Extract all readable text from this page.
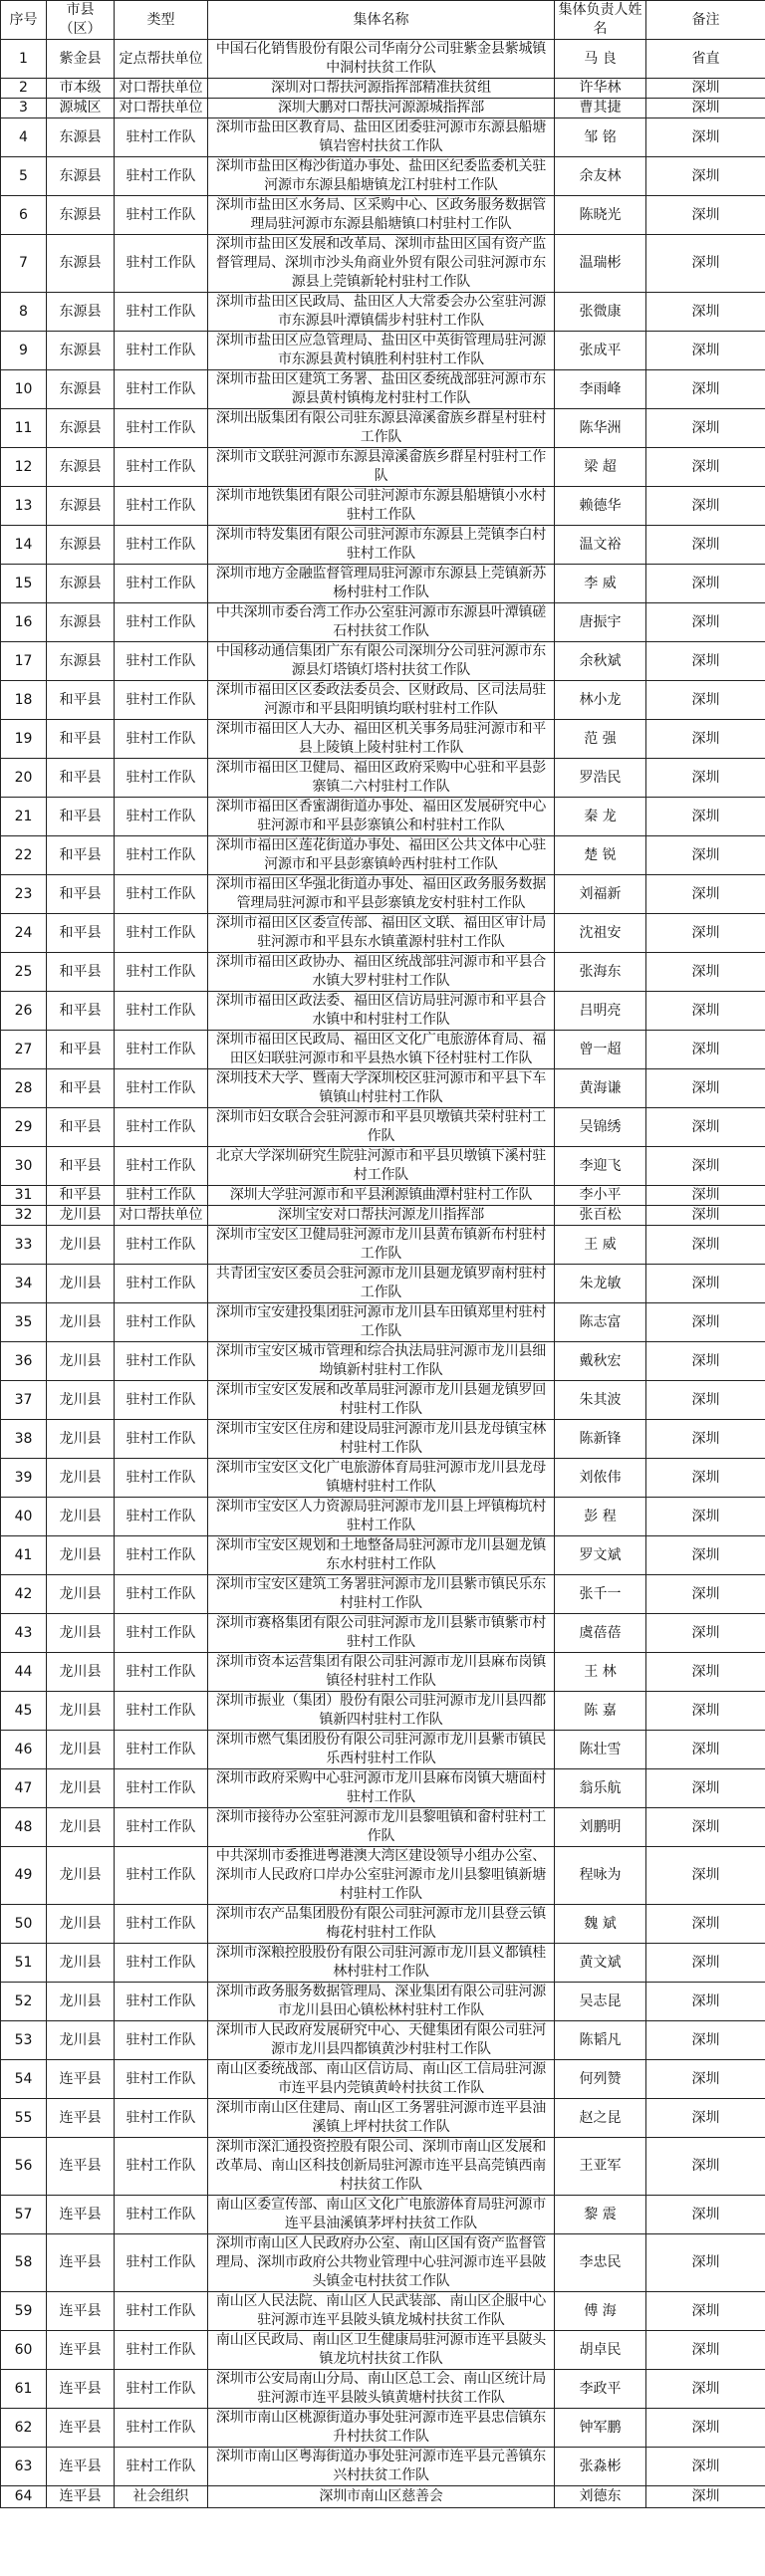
序号	市县（区）	类型	集体名称	集体负责人姓名	备注
1	紫金县	定点帮扶单位	中国石化销售股份有限公司华南分公司驻紫金县紫城镇中洞村扶贫工作队	马 良	省直
2	市本级	对口帮扶单位	深圳对口帮扶河源指挥部精准扶贫组	许华林	深圳
3	源城区	对口帮扶单位	深圳大鹏对口帮扶河源源城指挥部	曹其捷	深圳
4	东源县	驻村工作队	深圳市盐田区教育局、盐田区团委驻河源市东源县船塘镇岩窖村扶贫工作队	邹 铭	深圳
5	东源县	驻村工作队	深圳市盐田区梅沙街道办事处、盐田区纪委监委机关驻河源市东源县船塘镇龙江村驻村工作队	余友林	深圳
6	东源县	驻村工作队	深圳市盐田区水务局、区采购中心、区政务服务数据管理局驻河源市东源县船塘镇口村驻村工作队	陈晓光	深圳
7	东源县	驻村工作队	深圳市盐田区发展和改革局、深圳市盐田区国有资产监督管理局、深圳市沙头角商业外贸有限公司驻河源市东源县上莞镇新轮村驻村工作队	温瑞彬	深圳
8	东源县	驻村工作队	深圳市盐田区民政局、盐田区人大常委会办公室驻河源市东源县叶潭镇儒步村驻村工作队	张微康	深圳
9	东源县	驻村工作队	深圳市盐田区应急管理局、盐田区中英街管理局驻河源市东源县黄村镇胜利村驻村工作队	张成平	深圳
10	东源县	驻村工作队	深圳市盐田区建筑工务署、盐田区委统战部驻河源市东源县黄村镇梅龙村驻村工作队	李雨峰	深圳
11	东源县	驻村工作队	深圳出版集团有限公司驻东源县漳溪畲族乡群星村驻村工作队	陈华洲	深圳
12	东源县	驻村工作队	深圳市文联驻河源市东源县漳溪畲族乡群星村驻村工作队	梁 超	深圳
13	东源县	驻村工作队	深圳市地铁集团有限公司驻河源市东源县船塘镇小水村驻村工作队	赖德华	深圳
14	东源县	驻村工作队	深圳市特发集团有限公司驻河源市东源县上莞镇李白村驻村工作队	温文裕	深圳
15	东源县	驻村工作队	深圳市地方金融监督管理局驻河源市东源县上莞镇新苏杨村驻村工作队	李 威	深圳
16	东源县	驻村工作队	中共深圳市委台湾工作办公室驻河源市东源县叶潭镇磋石村扶贫工作队	唐振宇	深圳
17	东源县	驻村工作队	中国移动通信集团广东有限公司深圳分公司驻河源市东源县灯塔镇灯塔村扶贫工作队	余秋斌	深圳
18	和平县	驻村工作队	深圳市福田区区委政法委员会、区财政局、区司法局驻河源市和平县阳明镇均联村驻村工作队	林小龙	深圳
19	和平县	驻村工作队	深圳市福田区人大办、福田区机关事务局驻河源市和平县上陵镇上陵村驻村工作队	范 强	深圳
20	和平县	驻村工作队	深圳市福田区卫健局、福田区政府采购中心驻和平县彭寨镇二六村驻村工作队	罗浩民	深圳
21	和平县	驻村工作队	深圳市福田区香蜜湖街道办事处、福田区发展研究中心驻河源市和平县彭寨镇公和村驻村工作队	秦 龙	深圳
22	和平县	驻村工作队	深圳市福田区莲花街道办事处、福田区公共文体中心驻河源市和平县彭寨镇岭西村驻村工作队	楚 锐	深圳
23	和平县	驻村工作队	深圳市福田区华强北街道办事处、福田区政务服务数据管理局驻河源市和平县彭寨镇龙安村驻村工作队	刘福新	深圳
24	和平县	驻村工作队	深圳市福田区区委宣传部、福田区文联、福田区审计局驻河源市和平县东水镇董源村驻村工作队	沈祖安	深圳
25	和平县	驻村工作队	深圳市福田区政协办、福田区统战部驻河源市和平县合水镇大罗村驻村工作队	张海东	深圳
26	和平县	驻村工作队	深圳市福田区政法委、福田区信访局驻河源市和平县合水镇中和村驻村工作队	吕明亮	深圳
27	和平县	驻村工作队	深圳市福田区民政局、福田区文化广电旅游体育局、福田区妇联驻河源市和平县热水镇下径村驻村工作队	曾一超	深圳
28	和平县	驻村工作队	深圳技术大学、暨南大学深圳校区驻河源市和平县下车镇镇山村驻村工作队	黄海谦	深圳
29	和平县	驻村工作队	深圳市妇女联合会驻河源市和平县贝墩镇共荣村驻村工作队	吴锦绣	深圳
30	和平县	驻村工作队	北京大学深圳研究生院驻河源市和平县贝墩镇下溪村驻村工作队	李迎飞	深圳
31	和平县	驻村工作队	深圳大学驻河源市和平县浰源镇曲潭村驻村工作队	李小平	深圳
32	龙川县	对口帮扶单位	深圳宝安对口帮扶河源龙川指挥部	张百松	深圳
33	龙川县	驻村工作队	深圳市宝安区卫健局驻河源市龙川县黄布镇新布村驻村工作队	王 威	深圳
34	龙川县	驻村工作队	共青团宝安区委员会驻河源市龙川县廻龙镇罗南村驻村工作队	朱龙敏	深圳
35	龙川县	驻村工作队	深圳市宝安建投集团驻河源市龙川县车田镇郑里村驻村工作队	陈志富	深圳
36	龙川县	驻村工作队	深圳市宝安区城市管理和综合执法局驻河源市龙川县细坳镇新村驻村工作队	戴秋宏	深圳
37	龙川县	驻村工作队	深圳市宝安区发展和改革局驻河源市龙川县廻龙镇罗回村驻村工作队	朱其波	深圳
38	龙川县	驻村工作队	深圳市宝安区住房和建设局驻河源市龙川县龙母镇宝林村驻村工作队	陈新锋	深圳
39	龙川县	驻村工作队	深圳市宝安区文化广电旅游体育局驻河源市龙川县龙母镇塘村驻村工作队	刘侬伟	深圳
40	龙川县	驻村工作队	深圳市宝安区人力资源局驻河源市龙川县上坪镇梅坑村驻村工作队	彭 程	深圳
41	龙川县	驻村工作队	深圳市宝安区规划和土地整备局驻河源市龙川县廻龙镇东水村驻村工作队	罗文斌	深圳
42	龙川县	驻村工作队	深圳市宝安区建筑工务署驻河源市龙川县紫市镇民乐东村驻村工作队	张千一	深圳
43	龙川县	驻村工作队	深圳市赛格集团有限公司驻河源市龙川县紫市镇紫市村驻村工作队	虞蓓蓓	深圳
44	龙川县	驻村工作队	深圳市资本运营集团有限公司驻河源市龙川县麻布岗镇镇径村驻村工作队	王 林	深圳
45	龙川县	驻村工作队	深圳市振业（集团）股份有限公司驻河源市龙川县四都镇新四村驻村工作队	陈 嘉	深圳
46	龙川县	驻村工作队	深圳市燃气集团股份有限公司驻河源市龙川县紫市镇民乐西村驻村工作队	陈壮雪	深圳
47	龙川县	驻村工作队	深圳市政府采购中心驻河源市龙川县麻布岗镇大塘面村驻村工作队	翁乐航	深圳
48	龙川县	驻村工作队	深圳市接待办公室驻河源市龙川县黎咀镇和畲村驻村工作队	刘鹏明	深圳
49	龙川县	驻村工作队	中共深圳市委推进粤港澳大湾区建设领导小组办公室、深圳市人民政府口岸办公室驻河源市龙川县黎咀镇新塘村驻村工作队	程咏为	深圳
50	龙川县	驻村工作队	深圳市农产品集团股份有限公司驻河源市龙川县登云镇梅花村驻村工作队	魏 斌	深圳
51	龙川县	驻村工作队	深圳市深粮控股股份有限公司驻河源市龙川县义都镇桂林村驻村工作队	黄文斌	深圳
52	龙川县	驻村工作队	深圳市政务服务数据管理局、深业集团有限公司驻河源市龙川县田心镇松林村驻村工作队	吴志昆	深圳
53	龙川县	驻村工作队	深圳市人民政府发展研究中心、天健集团有限公司驻河源市龙川县四都镇黄沙村驻村工作队	陈韬凡	深圳
54	连平县	驻村工作队	南山区委统战部、南山区信访局、南山区工信局驻河源市连平县内莞镇黄岭村扶贫工作队	何列赞	深圳
55	连平县	驻村工作队	深圳市南山区住建局、南山区工务署驻河源市连平县油溪镇上坪村扶贫工作队	赵之昆	深圳
56	连平县	驻村工作队	深圳市深汇通投资控股有限公司、深圳市南山区发展和改革局、南山区科技创新局驻河源市连平县高莞镇西南村扶贫工作队	王亚军	深圳
57	连平县	驻村工作队	南山区委宣传部、南山区文化广电旅游体育局驻河源市连平县油溪镇茅坪村扶贫工作队	黎 震	深圳
58	连平县	驻村工作队	深圳市南山区人民政府办公室、南山区国有资产监督管理局、深圳市政府公共物业管理中心驻河源市连平县陂头镇金屯村扶贫工作队	李忠民	深圳
59	连平县	驻村工作队	南山区人民法院、南山区人民武装部、南山区企服中心驻河源市连平县陂头镇龙城村扶贫工作队	傅 海	深圳
60	连平县	驻村工作队	南山区民政局、南山区卫生健康局驻河源市连平县陂头镇龙坑村扶贫工作队	胡卓民	深圳
61	连平县	驻村工作队	深圳市公安局南山分局、南山区总工会、南山区统计局驻河源市连平县陂头镇黄塘村扶贫工作队	李政平	深圳
62	连平县	驻村工作队	深圳市南山区桃源街道办事处驻河源市连平县忠信镇东升村扶贫工作队	钟军鹏	深圳
63	连平县	驻村工作队	深圳市南山区粤海街道办事处驻河源市连平县元善镇东兴村扶贫工作队	张淼彬	深圳
64	连平县	社会组织	深圳市南山区慈善会	刘德东	深圳
